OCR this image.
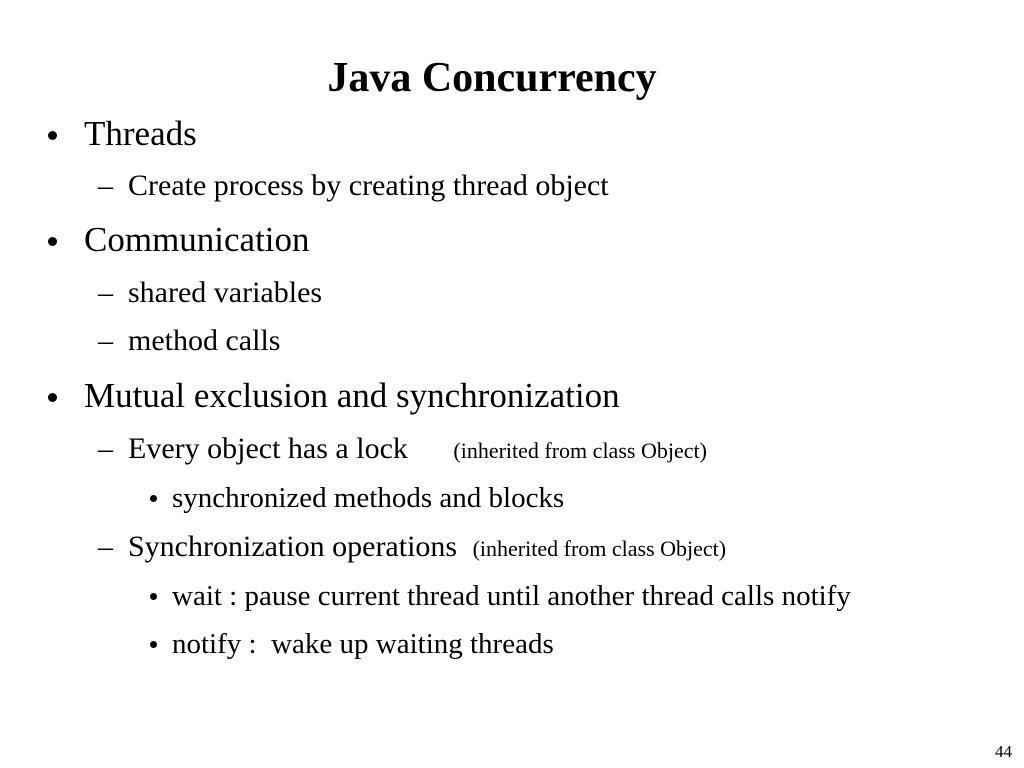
Java Concurrency
Threads
– Create process by creating thread object
Communication
– shared variables
– method calls
Mutual exclusion and synchronization
– Every object has a lock (inherited from class Object)
synchronized methods and blocks
– Synchronization operations (inherited from class Object)
wait : pause current thread until another thread calls notify
notify :  wake up waiting threads
44
